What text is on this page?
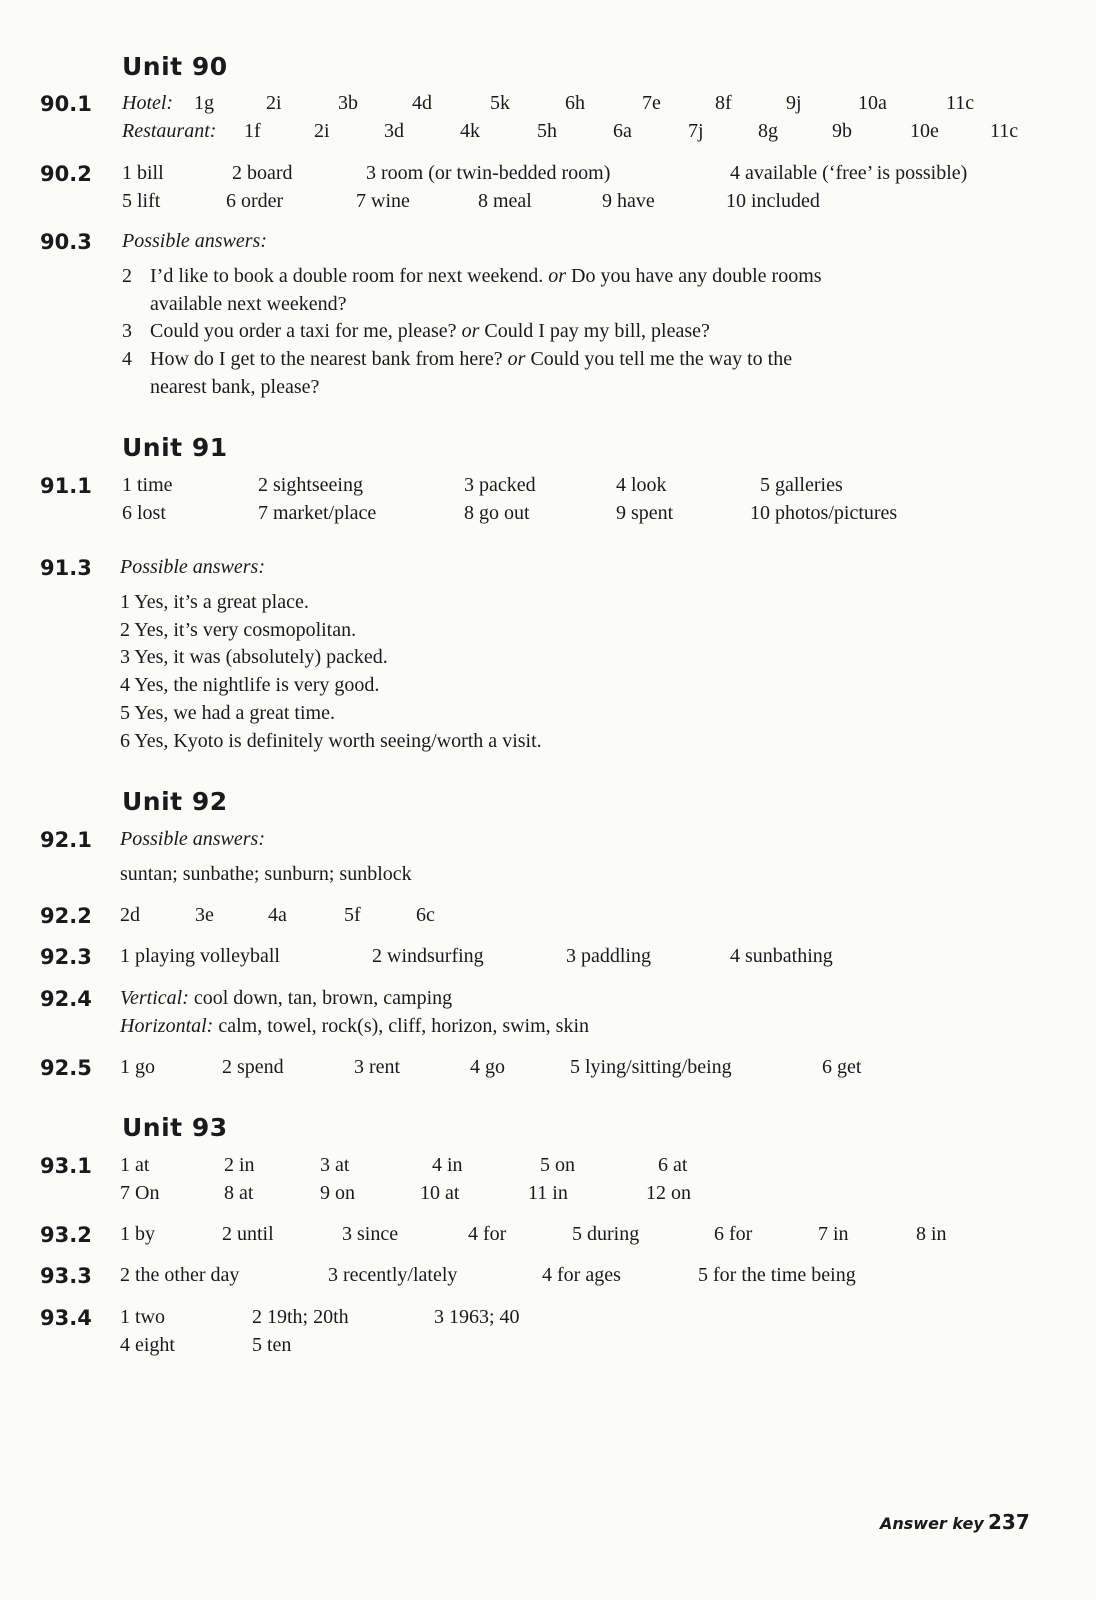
Unit 90
90.1 Hotel: 1g	2i	3b	4d	5k	6h	7e	8f	9j	10a	11c
Restaurant: 1f	2i	3d	4k	5h	6a	7j	8g	9b	10e	11c
90.2 1 bill	2 board	3 room (or twin-bedded room)	4 available (‘free’ is possible)
5 lift	6 order	7 wine	8 meal	9 have	10 included
90.3 Possible answers:
2 I’d like to book a double room for next weekend. or Do you have any double rooms
available next weekend?
3 Could you order a taxi for me, please? or Could I pay my bill, please?
4 How do I get to the nearest bank from here? or Could you tell me the way to the
nearest bank, please?
Unit 91
91.1 1 time	2 sightseeing	3 packed	4 look	5 galleries
6 lost	7 market/place	8 go out	9 spent	10 photos/pictures
91.3 Possible answers:
1 Yes, it’s a great place.
2 Yes, it’s very cosmopolitan.
3 Yes, it was (absolutely) packed.
4 Yes, the nightlife is very good.
5 Yes, we had a great time.
6 Yes, Kyoto is definitely worth seeing/worth a visit.
Unit 92
92.1 Possible answers:
suntan; sunbathe; sunburn; sunblock
92.2 2d	3e	4a	5f	6c
92.3 1 playing volleyball	2 windsurfing	3 paddling	4 sunbathing
92.4 Vertical: cool down, tan, brown, camping
Horizontal: calm, towel, rock(s), cliff, horizon, swim, skin
92.5 1 go	2 spend	3 rent	4 go	5 lying/sitting/being	6 get
Unit 93
93.1 1 at	2 in	3 at	4 in	5 on	6 at
7 On	8 at	9 on	10 at	11 in	12 on
93.2 1 by	2 until	3 since	4 for	5 during	6 for	7 in	8 in
93.3 2 the other day	3 recently/lately	4 for ages	5 for the time being
93.4 1 two	2 19th; 20th	3 1963; 40
4 eight	5 ten
Answer key 237
